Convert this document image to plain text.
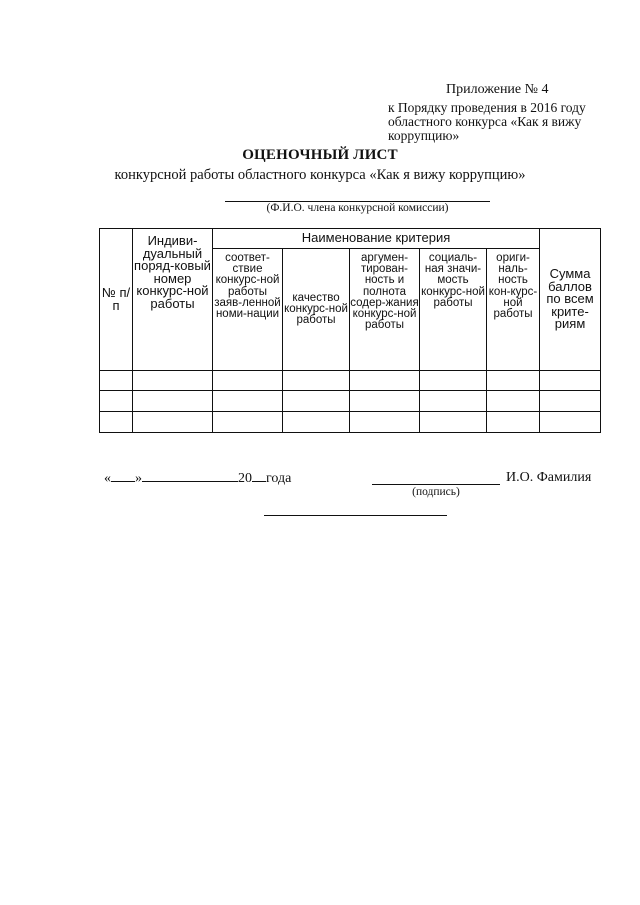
Приложение № 4
к Порядку проведения в 2016 году
областного конкурса «Как я вижу
коррупцию»
ОЦЕНОЧНЫЙ ЛИСТ
конкурсной работы областного конкурса «Как я вижу коррупцию»
(Ф.И.О. члена конкурсной комиссии)
№ п/п	Индиви-дуальный поряд-ковый номер конкурс-ной работы	Наименование критерия					Сумма баллов по всем крите-риям
		соответ-ствие конкурс-ной работы заяв-ленной номи-нации	качество конкурс-ной работы	аргумен-тирован-ность и полнота содер-жания конкурс-ной работы	социаль-ная значи-мость конкурс-ной работы	ориги-наль-ность кон-курс-ной работы	

« »	20 года
(подпись)
И.О. Фамилия
